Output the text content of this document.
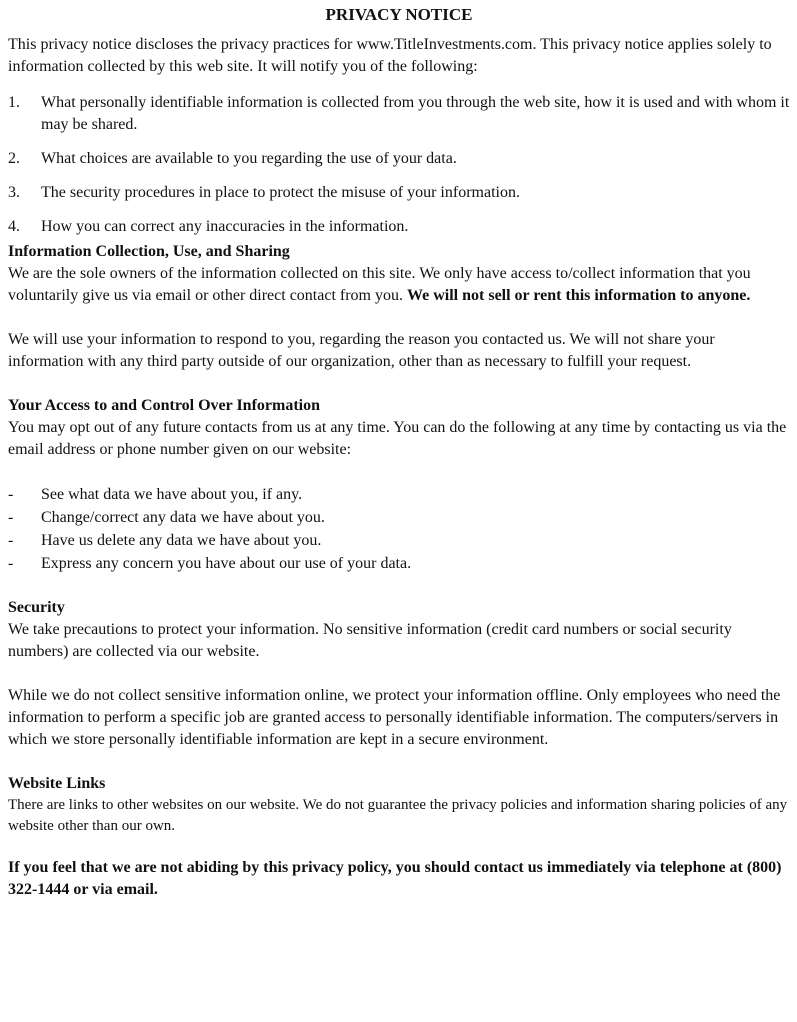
PRIVACY NOTICE

This privacy notice discloses the privacy practices for www.TitleInvestments.com. This privacy notice applies solely to information collected by this web site. It will notify you of the following:

1.	What personally identifiable information is collected from you through the web site, how it is used and with whom it may be shared.
2.	What choices are available to you regarding the use of your data.
3.	The security procedures in place to protect the misuse of your information.
4.	How you can correct any inaccuracies in the information.

Information Collection, Use, and Sharing

We are the sole owners of the information collected on this site. We only have access to/collect information that you voluntarily give us via email or other direct contact from you. We will not sell or rent this information to anyone.

We will use your information to respond to you, regarding the reason you contacted us. We will not share your information with any third party outside of our organization, other than as necessary to fulfill your request.

Your Access to and Control Over Information

You may opt out of any future contacts from us at any time. You can do the following at any time by contacting us via the email address or phone number given on our website:

-	See what data we have about you, if any.
-	Change/correct any data we have about you.
-	Have us delete any data we have about you.
-	Express any concern you have about our use of your data.

Security

We take precautions to protect your information. No sensitive information (credit card numbers or social security numbers) are collected via our website.

While we do not collect sensitive information online, we protect your information offline. Only employees who need the information to perform a specific job are granted access to personally identifiable information. The computers/servers in which we store personally identifiable information are kept in a secure environment.

Website Links

There are links to other websites on our website. We do not guarantee the privacy policies and information sharing policies of any website other than our own.

If you feel that we are not abiding by this privacy policy, you should contact us immediately via telephone at (800) 322-1444 or via email.
